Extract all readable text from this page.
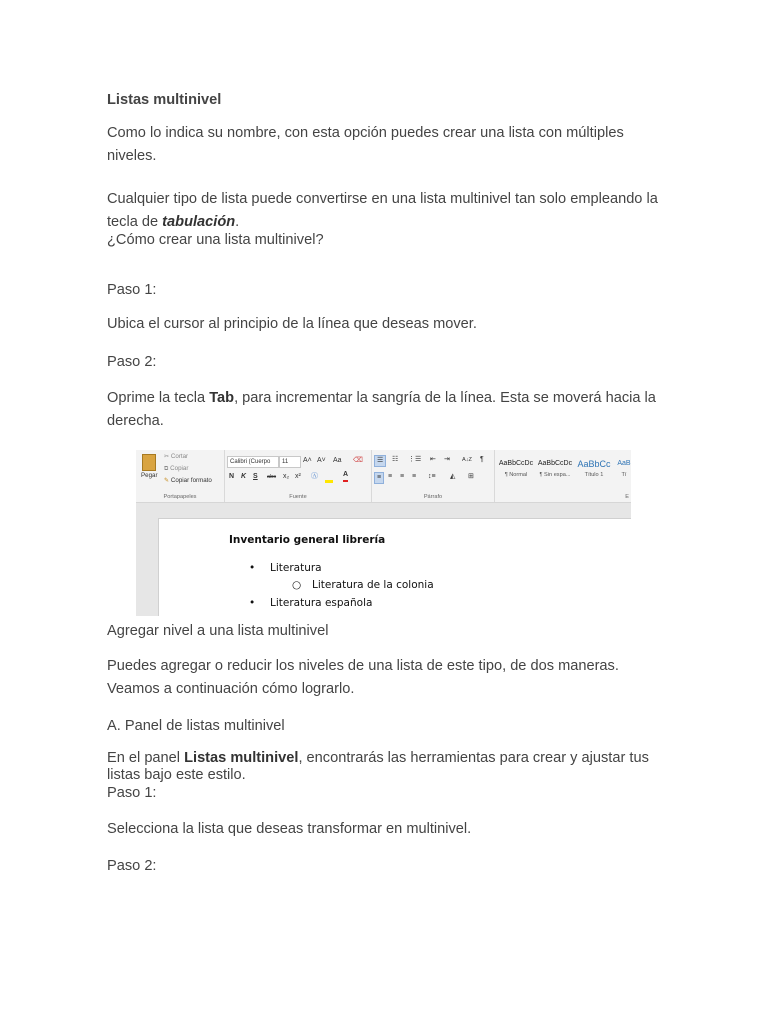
Listas multinivel

Como lo indica su nombre, con esta opción puedes crear una lista con múltiples niveles.

Cualquier tipo de lista puede convertirse en una lista multinivel tan solo empleando la tecla de tabulación.

¿Cómo crear una lista multinivel?

Paso 1:

Ubica el cursor al principio de la línea que deseas mover.

Paso 2:

Oprime la tecla Tab, para incrementar la sangría de la línea. Esta se moverá hacia la derecha.

Pegar
✂ Cortar
⧉ Copiar
✎ Copiar formato
Portapapeles
Calibri (Cuerpo	11	A˄ A˅ Aa ⌫
N K S abc x₂ x² Ⓐ	A
Fuente
☰	☷ ⋮☰ ⇤ ⇥ A↓Z ¶
≡ ≡ ≡ ≡ ↕≡ ◭ ⊞
Párrafo
AaBbCcDc
¶ Normal
AaBbCcDc
¶ Sin espa...
AaBbCc
Título 1
AaB
Tí
E
Inventario general librería
• Literatura
○ Literatura de la colonia
• Literatura española

Agregar nivel a una lista multinivel

Puedes agregar o reducir los niveles de una lista de este tipo, de dos maneras. Veamos a continuación cómo lograrlo.

A. Panel de listas multinivel

En el panel Listas multinivel, encontrarás las herramientas para crear y ajustar tus listas bajo este estilo.

Paso 1:

Selecciona la lista que deseas transformar en multinivel.

Paso 2:
